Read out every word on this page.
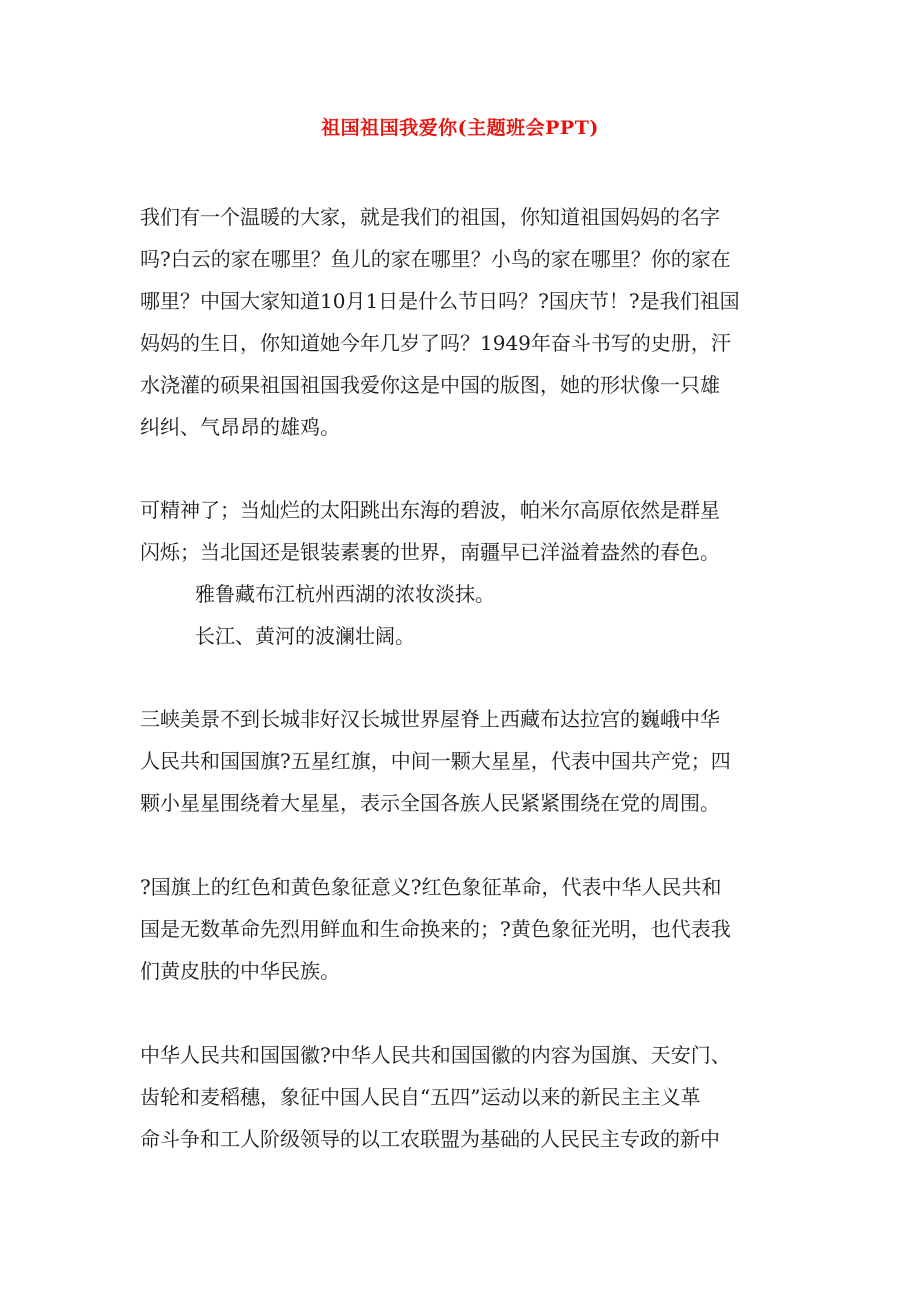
祖国祖国我爱你(主题班会PPT)
我们有一个温暖的大家，就是我们的祖国，你知道祖国妈妈的名字
吗?白云的家在哪里？鱼儿的家在哪里？小鸟的家在哪里？你的家在
哪里？中国大家知道10月1日是什么节日吗？?国庆节！?是我们祖国
妈妈的生日，你知道她今年几岁了吗？1949年奋斗书写的史册，汗
水浇灌的硕果祖国祖国我爱你这是中国的版图，她的形状像一只雄
纠纠、气昂昂的雄鸡。
可精神了；当灿烂的太阳跳出东海的碧波，帕米尔高原依然是群星
闪烁；当北国还是银装素裹的世界，南疆早已洋溢着盎然的春色。
雅鲁藏布江杭州西湖的浓妆淡抹。
长江、黄河的波澜壮阔。
三峡美景不到长城非好汉长城世界屋脊上西藏布达拉宫的巍峨中华
人民共和国国旗?五星红旗，中间一颗大星星，代表中国共产党；四
颗小星星围绕着大星星，表示全国各族人民紧紧围绕在党的周围。
?国旗上的红色和黄色象征意义?红色象征革命，代表中华人民共和
国是无数革命先烈用鲜血和生命换来的；?黄色象征光明，也代表我
们黄皮肤的中华民族。
中华人民共和国国徽?中华人民共和国国徽的内容为国旗、天安门、
齿轮和麦稻穗，象征中国人民自“五四”运动以来的新民主主义革
命斗争和工人阶级领导的以工农联盟为基础的人民民主专政的新中
